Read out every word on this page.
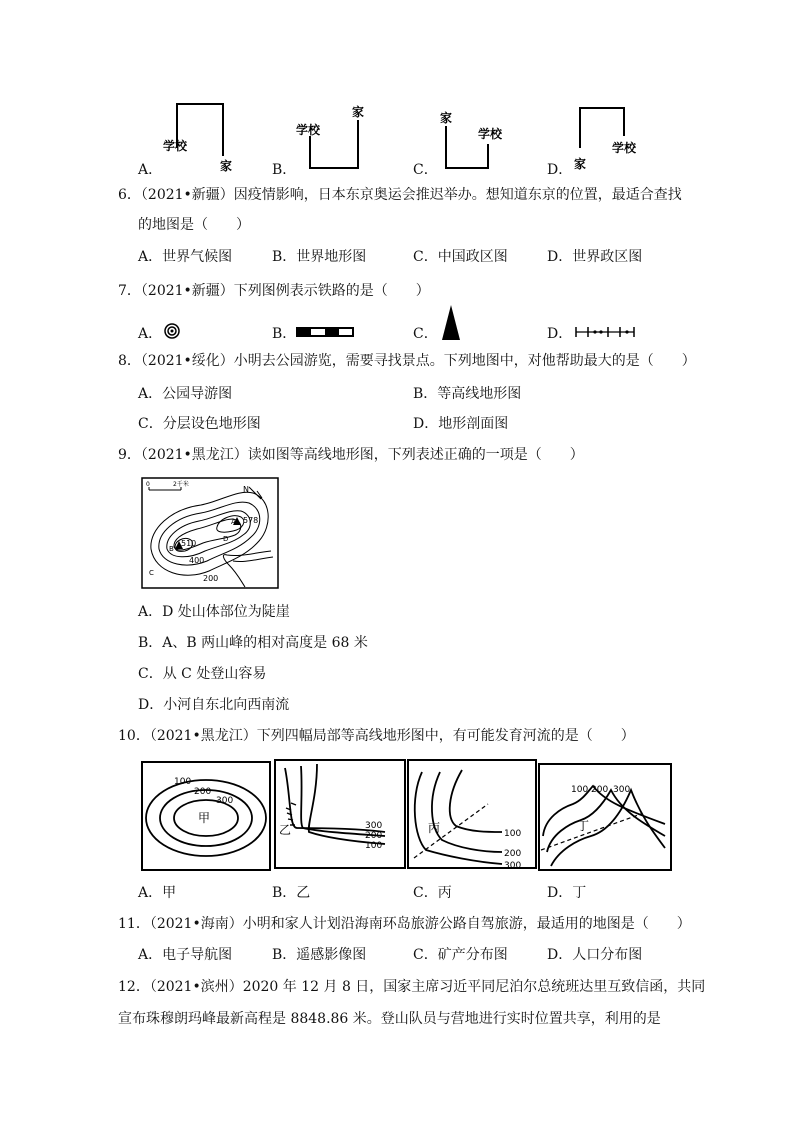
学校
家
学校
家	家
学校
家
学校
A．	B．	C．	D．
6．（2021•新疆）因疫情影响，日本东京奥运会推迟举办。想知道东京的位置，最适合查找
的地图是（　　）
A．世界气候图	B．世界地形图	C．中国政区图	D．世界政区图
7．（2021•新疆）下列图例表示铁路的是（　　）
A．	B．	C．	D．
8．（2021•绥化）小明去公园游览，需要寻找景点。下列地图中，对他帮助最大的是（　　）
A．公园导游图	B．等高线地形图
C．分层设色地形图	D．地形剖面图
9．（2021•黑龙江）读如图等高线地形图，下列表述正确的一项是（　　）
0	2千米
N
A 578
B
510	D
C
400
200
A．D 处山体部位为陡崖
B．A、B 两山峰的相对高度是 68 米
C．从 C 处登山容易
D．小河自东北向西南流
10．（2021•黑龙江）下列四幅局部等高线地形图中，有可能发育河流的是（　　）
100
200
300
甲
300
200
100
乙	100
200
300
丙
100 200 300
丁
A．甲	B．乙	C．丙	D．丁
11．（2021•海南）小明和家人计划沿海南环岛旅游公路自驾旅游，最适用的地图是（　　）
A．电子导航图	B．遥感影像图	C．矿产分布图	D．人口分布图
12．（2021•滨州）2020 年 12 月 8 日，国家主席习近平同尼泊尔总统班达里互致信函，共同
宣布珠穆朗玛峰最新高程是 8848.86 米。登山队员与营地进行实时位置共享，利用的是
